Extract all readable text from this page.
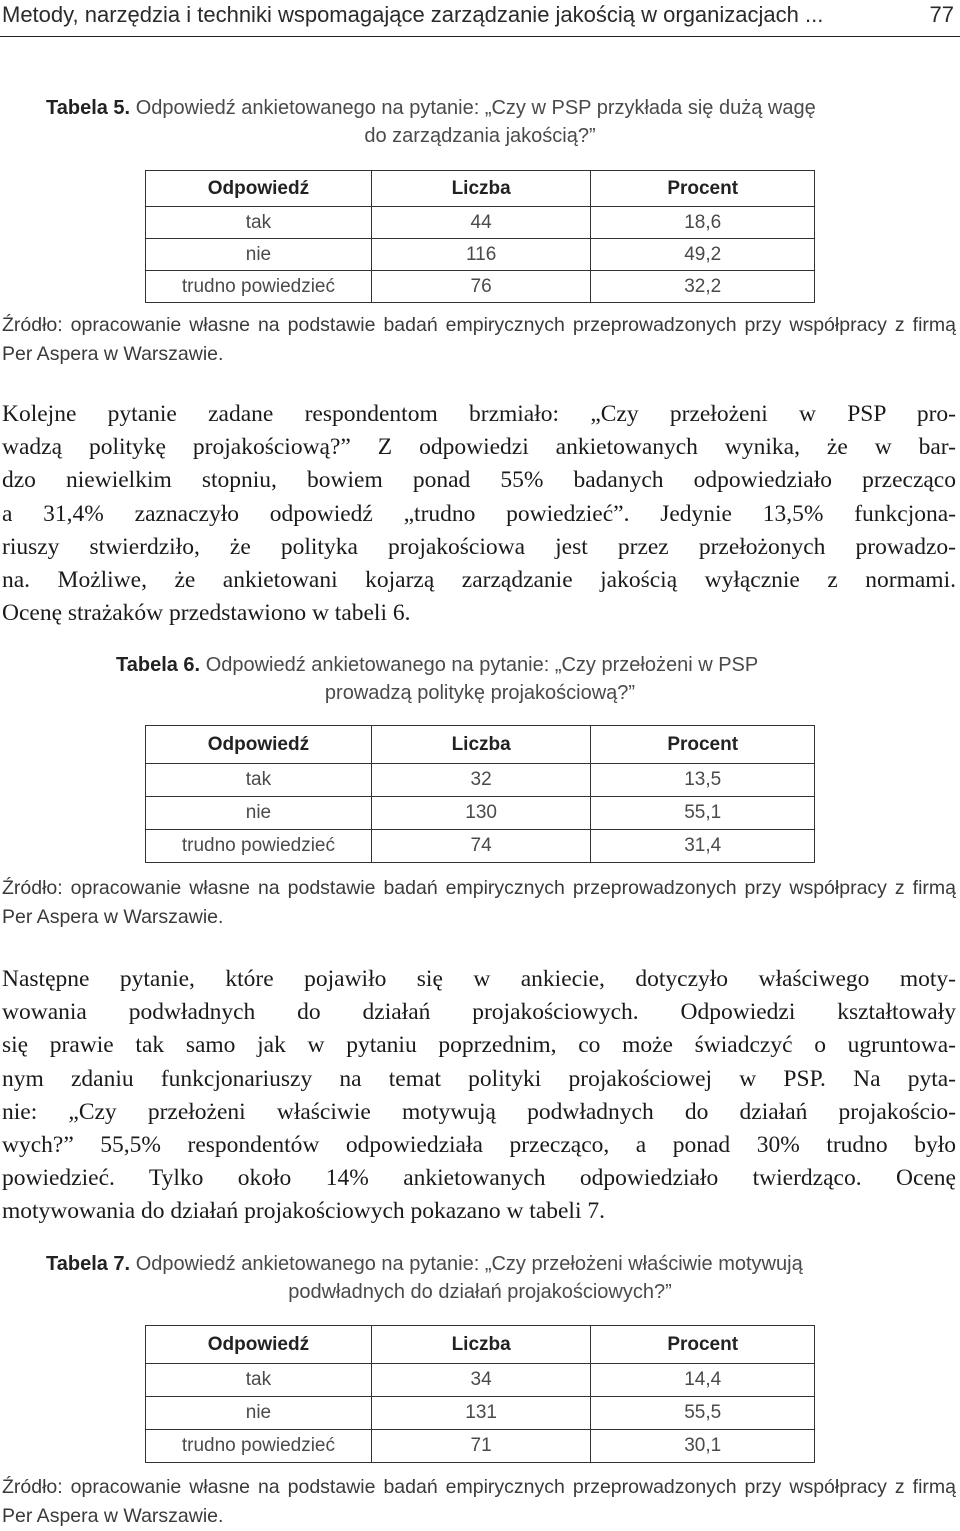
Metody, narzędzia i techniki wspomagające zarządzanie jakością w organizacjach ...	77
Tabela 5. Odpowiedź ankietowanego na pytanie: „Czy w PSP przykłada się dużą wagę
do zarządzania jakością?”
Odpowiedź	Liczba	Procent
tak	44	18,6
nie	116	49,2
trudno powiedzieć	76	32,2
Źródło: opracowanie własne na podstawie badań empirycznych przeprowadzonych przy współpracy z firmą Per Aspera w Warszawie.
Kolejne pytanie zadane respondentom brzmiało: „Czy przełożeni w PSP pro-
wadzą politykę projakościową?” Z odpowiedzi ankietowanych wynika, że w bar-
dzo niewielkim stopniu, bowiem ponad 55% badanych odpowiedziało przecząco
a 31,4% zaznaczyło odpowiedź „trudno powiedzieć”. Jedynie 13,5% funkcjona-
riuszy stwierdziło, że polityka projakościowa jest przez przełożonych prowadzo-
na. Możliwe, że ankietowani kojarzą zarządzanie jakością wyłącznie z normami.
Ocenę strażaków przedstawiono w tabeli 6.
Tabela 6. Odpowiedź ankietowanego na pytanie: „Czy przełożeni w PSP
prowadzą politykę projakościową?”
Odpowiedź	Liczba	Procent
tak	32	13,5
nie	130	55,1
trudno powiedzieć	74	31,4
Źródło: opracowanie własne na podstawie badań empirycznych przeprowadzonych przy współpracy z firmą Per Aspera w Warszawie.
Następne pytanie, które pojawiło się w ankiecie, dotyczyło właściwego moty-
wowania podwładnych do działań projakościowych. Odpowiedzi kształtowały
się prawie tak samo jak w pytaniu poprzednim, co może świadczyć o ugruntowa-
nym zdaniu funkcjonariuszy na temat polityki projakościowej w PSP. Na pyta-
nie: „Czy przełożeni właściwie motywują podwładnych do działań projakościo-
wych?” 55,5% respondentów odpowiedziała przecząco, a ponad 30% trudno było
powiedzieć. Tylko około 14% ankietowanych odpowiedziało twierdząco. Ocenę
motywowania do działań projakościowych pokazano w tabeli 7.
Tabela 7. Odpowiedź ankietowanego na pytanie: „Czy przełożeni właściwie motywują
podwładnych do działań projakościowych?”
Odpowiedź	Liczba	Procent
tak	34	14,4
nie	131	55,5
trudno powiedzieć	71	30,1
Źródło: opracowanie własne na podstawie badań empirycznych przeprowadzonych przy współpracy z firmą Per Aspera w Warszawie.
